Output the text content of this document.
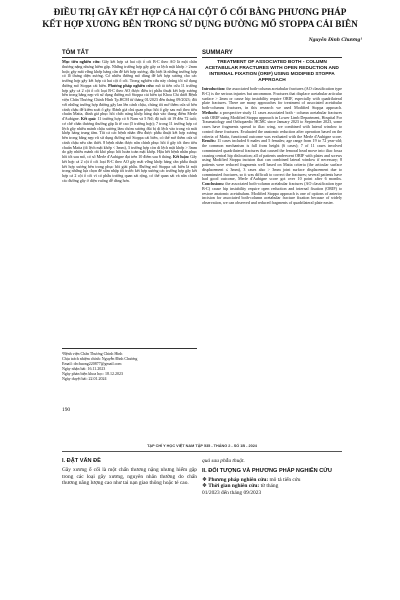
ĐIỀU TRỊ GÃY KẾT HỢP CẢ HAI CỘT Ổ CỐI BẰNG PHƯƠNG PHÁP
KẾT HỢP XƯƠNG BÊN TRONG SỬ DỤNG ĐƯỜNG MỔ STOPPA CẢI BIÊN
Nguyễn Đình Chương¹
TÓM TẮT

Mục tiêu nghiên cứu: Gãy kết hợp cả hai cột ổ cối B-C theo AO là một chấn thương nặng nhưng hiếm gặp. Những trường hợp gãy gây ra lệch mặt khớp > 2mm hoặc gây mất vững khớp háng cần để kết hợp xương, đặc biệt là những trường hợp có lỗ thưng diện xương. Có nhiều đường mổ dùng để kết hợp xương cho các trường hợp gãy kết hợp cả hai cột ổ cối. Trong nghiên cứu này chúng tôi sử dụng đường mổ Stoppa cải biên. Phương pháp nghiên cứu: mô tả tiến cứu 11 trường hợp gãy cả 2 cột ổ cối loại B-C theo AO được điều trị phẫu thuật kết hợp xương bên trong bằng nẹp vít sử dụng đường mổ Stoppa cải biên tại Khoa Chi dưới Bệnh viện Chấn Thương Chỉnh Hình Tp.HCM từ tháng 01/2023 đến tháng 09/2023; đối với những trường hợp đường gãy lan lên cánh chậu, chúng tôi mở thêm cửa sổ bên cánh chậu để kiểm soát ổ gãy. Đánh giá chủ quan phục hồi ổ gãy sau mổ theo tiêu chuẩn Matta, đánh giá phục hồi chức năng khớp háng dựa vào thang điểm Merle d'Aubigne. Kết quả: 11 trường hợp có 6 Nam và 5 Nữ; độ tuổi từ 19 đến 72 tuổi; cơ chế chấn thương thường gặp là tế cao (5 trường hợp); 7 trong 11 trường hợp có lệch gãy nhiều mảnh chậu xương làm chỏm xương đùi bị di lệch vào trong và mất khớp háng trung tâm. Tất cả các bệnh nhân đều được phẫu thuật kết hợp xương bên trong bằng nẹp vít sử dụng đường mổ Stoppa cải biên, có thể mở thêm cửa sổ cánh chậu nếu cần thiết. 8 bệnh nhân được nắn chỉnh phục hồi ổ gãy tốt theo tiêu chuẩn Matta (di lệch mặt khớp < 3mm), 3 trường hợp còn di lệch mặt khớp > 3mm do gãy nhiều mảnh rất khó phục hồi hoàn toàn mặt khớp. Hậu hết bệnh nhân phục hồi tốt sau mổ, có số Merle d'Aubigne đạt trên 10 điểm sau 6 tháng. Kết luận: Gãy kết hợp cả 2 cột ổ cối loại B-C theo AO gây mất vững khớp háng cần phẫu thuật kết hợp xương bên trong phục hồi giải phẫu. Đường mổ Stoppa cải biên là một trong những lựa chọn để xâm nhập tối trước kết hợp xương các trường hợp gãy kết hợp cả 2 cột ổ cối vì có phẫu trường quan sát rộng, có thể quan sát và nắn chỉnh các đường gãy ở diện vuông dễ dàng hơn.

¹Bệnh viện Chấn Thương Chỉnh Hình
Chịu trách nhiệm chính: Nguyễn Đình Chương
Email: drchuong220877@gmail.com
Ngày nhận bài: 16.11.2023
Ngày phản biện khoa học: 18.12.2023
Ngày duyệt bài: 22.01.2024
190
SUMMARY
TREATMENT OF ASSOCIATED BOTH - COLUMN ACETABULAR FRACTURES WITH OPEN REDUCTION AND INTERNAL FIXATION (ORIF) USING MODIFIED STOPPA APPROACH

Introduction: the associated both-column acetabular fractures (AO classification type B-C) is the serious injuries but uncommon. Fractures that displace acetabular articular surface > 2mm or cause hip instability require ORIF, especially with quadrilateral plate fractures. There are many approaches for treatment of associated acetabular both-columns fractures, in this research we used Modified Stoppa approach. Methods: a prospective study 11 cases associated both - column acetabular fractures with ORIF using Modified Stoppa approach in Lower Limb Department, Hospital For Traumatology and Orthopaedic HCMC since January 2023 to September 2023, some cases have fragments spread to iliac wing, we combined with lateral window to control these fractures. Evaluated the anatomic reduction after operation based on the criteria of Matta, functional outcome was evaluated with the Merle d'Aubigne score. Results: 11 cases included 6 males and 5 females; age range from 19 to 72 year-old; the common mechanism is fall from height (6 cases); 7 of 11 cases involved comminuted quadrilateral fractures that caused the femoral head move into iliac fossa causing central hip dislocation; all of patients underwent ORIF with plates and screws using Modified Stoppa incision that can combined lateral window if necessary; 8 patients were reduced fragments well based on Matta criteria (the articular surface displacement ≤ 3mm), 3 cases also > 3mm joint surface displacement due to comminuted fractures, so it was difficult to correct the fractures; several patients have had good outcome, Merle d'Aubigne score got over 10 point after 6 months. Conclusions: the associated both-column acetabular fractures (AO classification type B-C) cause hip instability require open reduction and internal fixation (ORIF) to restore anatomic acetabulum. Modified Stoppa approach is one of options of anterior incision for associated both-column acetabular fracture fixation because of widely observation, we can observed and reduced fragments of quadrilateral plate easier.

TẠP CHÍ Y HỌC VIỆT NAM TẬP 535 - THÁNG 2 - SỐ 1B - 2024
I. ĐẶT VẤN ĐỀ

Gãy xương ổ cối là một chấn thương nặng nhưng hiếm gặp trong các loại gãy xương, nguyên nhân thường do chấn thương năng lượng cao như tai nạn giao thông hoặc té cao.

quả sau phẫu thuật.

II. ĐỐI TƯỢNG VÀ PHƯƠNG PHÁP NGHIÊN CỨU

❖ Phương pháp nghiên cứu: mô tả tiến cứu

❖ Thời gian nghiên cứu: từ tháng

01/2023 đến tháng 09/2023
